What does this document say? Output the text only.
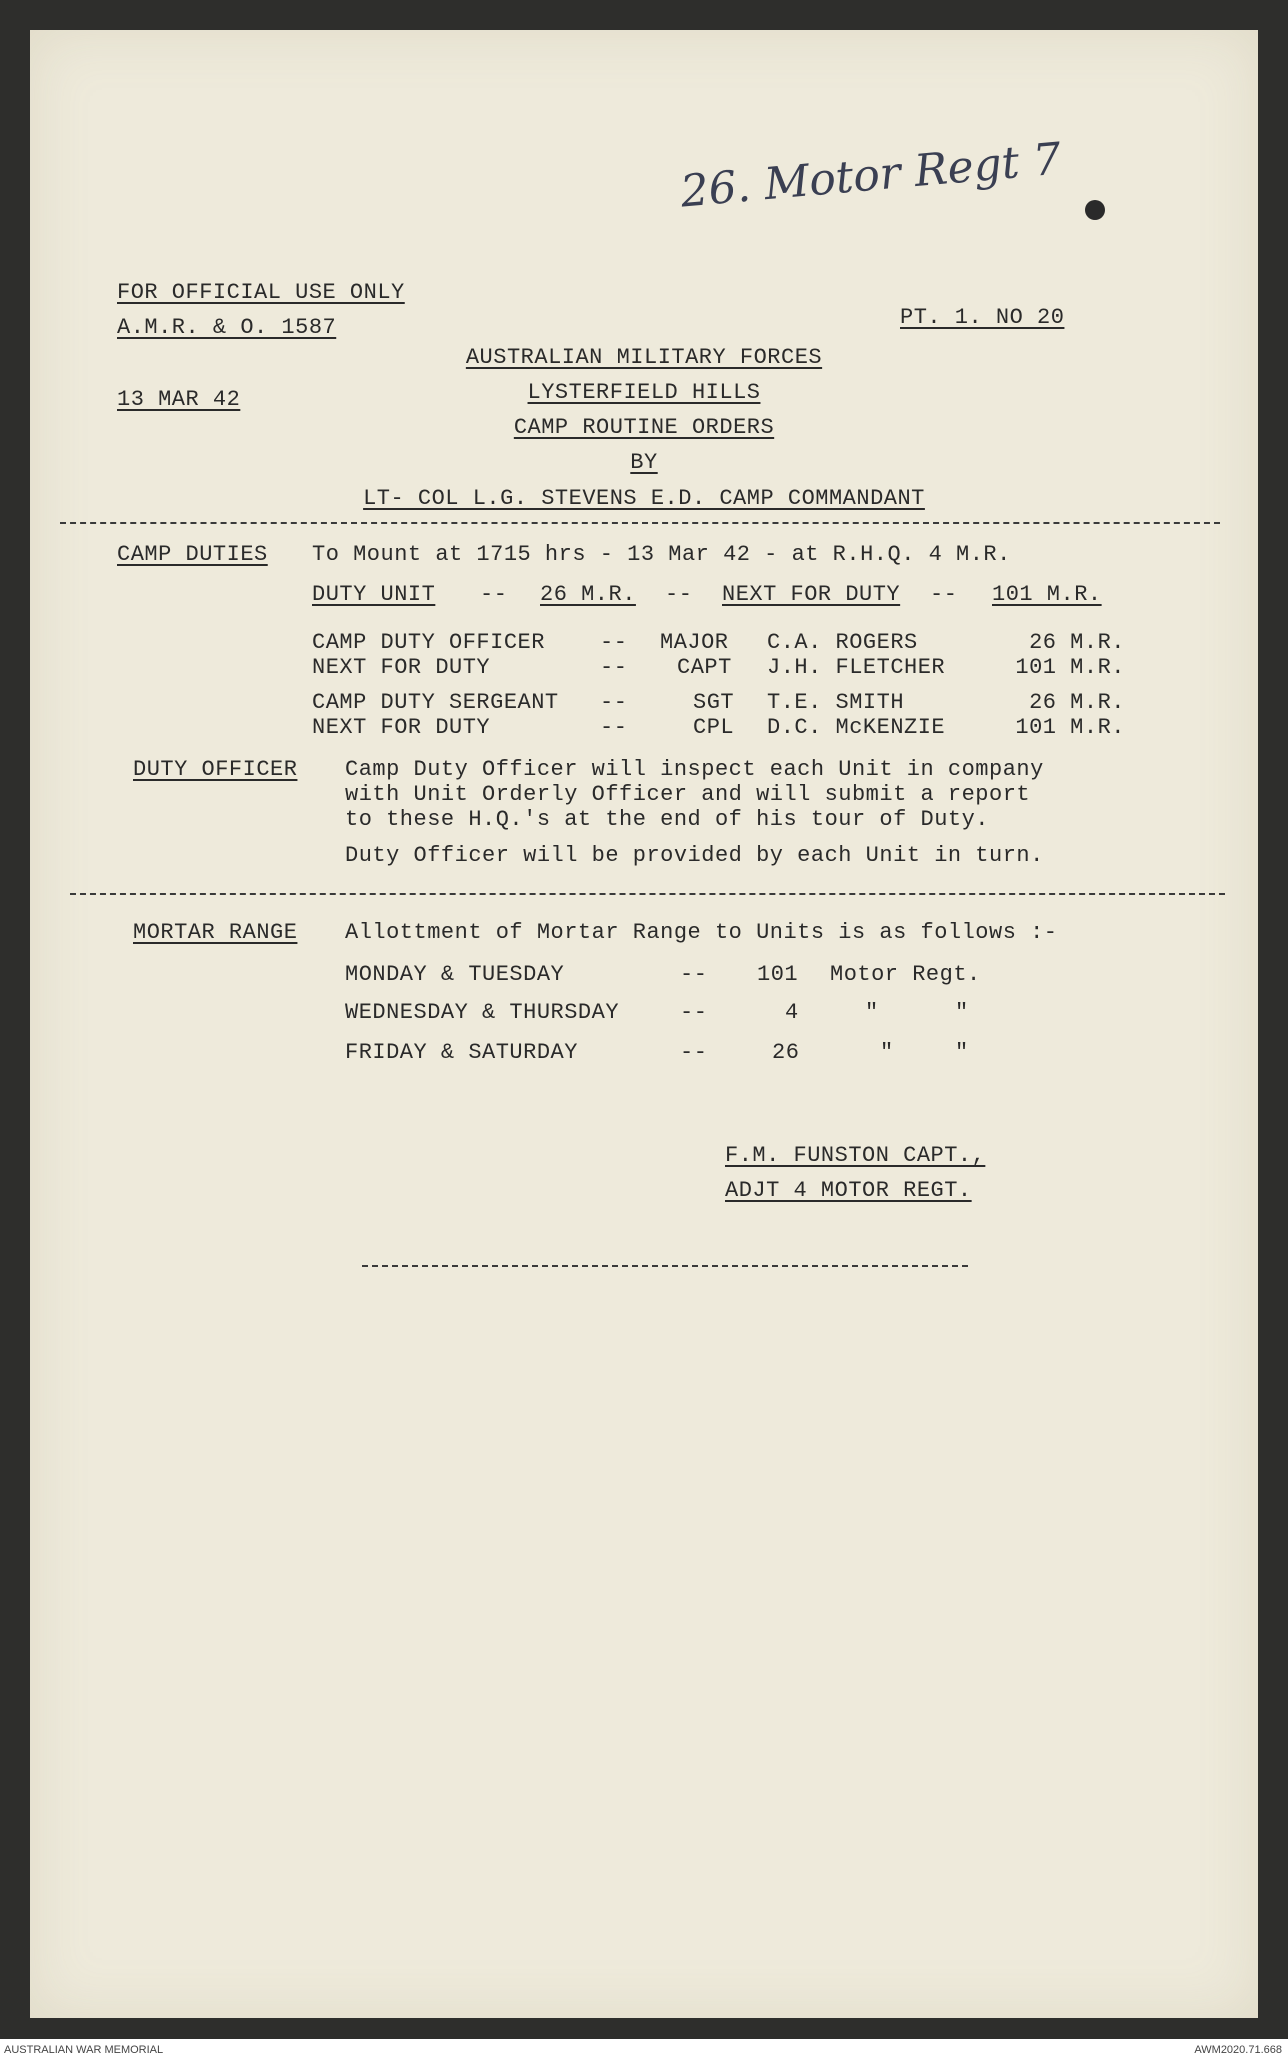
26. Motor Regt 7
FOR OFFICIAL USE ONLY
A.M.R. & O. 1587	PT. 1. NO 20
13 MAR 42
AUSTRALIAN MILITARY FORCES
LYSTERFIELD HILLS
CAMP ROUTINE ORDERS
BY
LT- COL L.G. STEVENS E.D. CAMP COMMANDANT
CAMP DUTIES To Mount at 1715 hrs - 13 Mar 42 - at R.H.Q. 4 M.R.
DUTY UNIT -- 26 M.R. -- NEXT FOR DUTY -- 101 M.R.
CAMP DUTY OFFICER	-- MAJOR C.A. ROGERS	26 M.R.
NEXT FOR DUTY	-- CAPT J.H. FLETCHER	101 M.R.
CAMP DUTY SERGEANT --	SGT T.E. SMITH	26 M.R.
NEXT FOR DUTY	--	CPL D.C. McKENZIE	101 M.R.
DUTY OFFICER Camp Duty Officer will inspect each Unit in company
with Unit Orderly Officer and will submit a report
to these H.Q.'s at the end of his tour of Duty.
Duty Officer will be provided by each Unit in turn.
MORTAR RANGE Allottment of Mortar Range to Units is as follows :-
MONDAY & TUESDAY	-- 101 Motor Regt.
WEDNESDAY & THURSDAY	--	4	"	"
FRIDAY & SATURDAY	--	26	"	"
F.M. FUNSTON CAPT.,
ADJT 4 MOTOR REGT.
AUSTRALIAN WAR MEMORIAL	AWM2020.71.668
